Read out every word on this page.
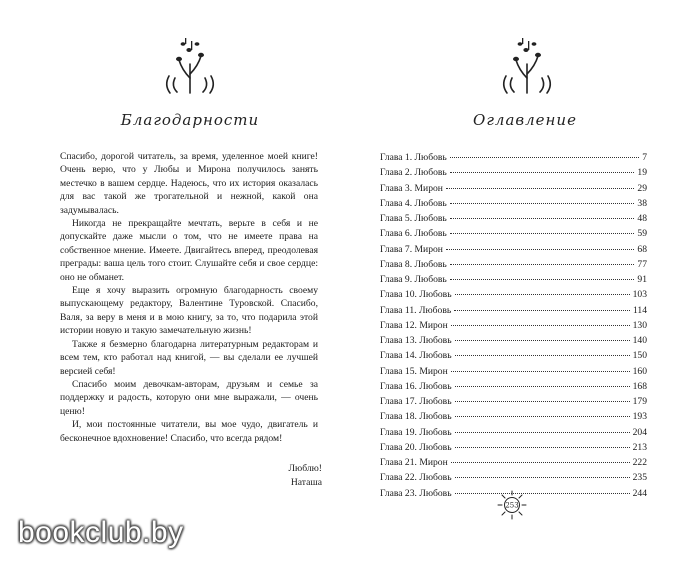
Благодарности

Спасибо, дорогой читатель, за время, уделенное моей книге! Очень верю, что у Любы и Мирона получилось занять местечко в вашем сердце. Надеюсь, что их история оказалась для вас такой же трогательной и нежной, какой она задумывалась.

Никогда не прекращайте мечтать, верьте в себя и не допускайте даже мысли о том, что не имеете права на собственное мнение. Имеете. Двигайтесь вперед, преодолевая преграды: ваша цель того стоит. Слушайте себя и свое сердце: оно не обманет.

Еще я хочу выразить огромную благодарность своему выпускающему редактору, Валентине Туровской. Спасибо, Валя, за веру в меня и в мою книгу, за то, что подарила этой истории новую и такую замечательную жизнь!

Также я безмерно благодарна литературным редакторам и всем тем, кто работал над книгой, — вы сделали ее лучшей версией себя!

Спасибо моим девочкам-авторам, друзьям и семье за поддержку и радость, которую они мне выражали, — очень ценю!

И, мои постоянные читатели, вы мое чудо, двигатель и бесконечное вдохновение! Спасибо, что всегда рядом!

Люблю!
Наташа
Оглавление
Глава 1. Любовь	7
Глава 2. Любовь	19
Глава 3. Мирон	29
Глава 4. Любовь	38
Глава 5. Любовь	48
Глава 6. Любовь	59
Глава 7. Мирон	68
Глава 8. Любовь	77
Глава 9. Любовь	91
Глава 10. Любовь	103
Глава 11. Любовь	114
Глава 12. Мирон	130
Глава 13. Любовь	140
Глава 14. Любовь	150
Глава 15. Мирон	160
Глава 16. Любовь	168
Глава 17. Любовь	179
Глава 18. Любовь	193
Глава 19. Любовь	204
Глава 20. Любовь	213
Глава 21. Мирон	222
Глава 22. Любовь	235
Глава 23. Любовь	244
253
bookclub.by
